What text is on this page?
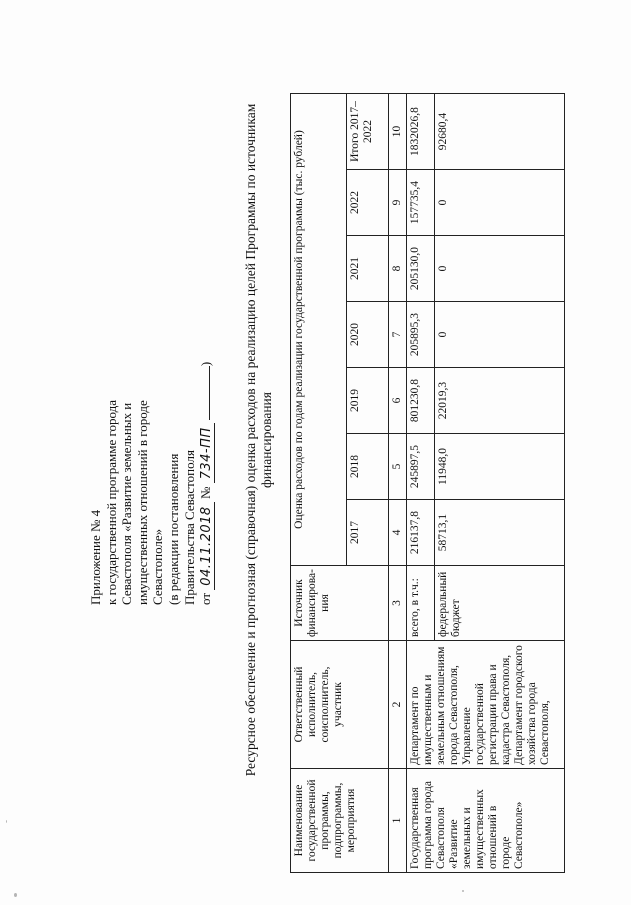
Приложение № 4 к государственной программе города Севастополя «Развитие земельных и имущественных отношений в городе Севастополе» (в редакции постановления Правительства Севастополя от 04.11.2018 № 734-ПП ) Ресурсное обеспечение и прогнозная (справочная) оценка расходов на реализацию целей Программы по источникам финансирования
Наименование государственной программы, подпрограммы, мероприятия	Ответственный исполнитель, соисполнитель, участник	Источник финансирова-ния	Оценка расходов по годам реализации государственной программы (тыс. рублей)						
			2017	2018	2019	2020	2021	2022	Итого 2017–2022
1	2	3	4	5	6	7	8	9	10
Государственная программа города Севастополя «Развитие земельных и имущественных отношений в городе Севастополе»	Департамент по имущественным и земельным отношениям города Севастополя, Управление государственной регистрации права и кадастра Севастополя, Департамент городского хозяйства города Севастополя,	всего, в т.ч.:	216137,8	245897,5	801230,8	205895,3	205130,0	157735,4	1832026,8
		федеральный бюджет	58713,1	11948,0	22019,3	0	0	0	92680,4
